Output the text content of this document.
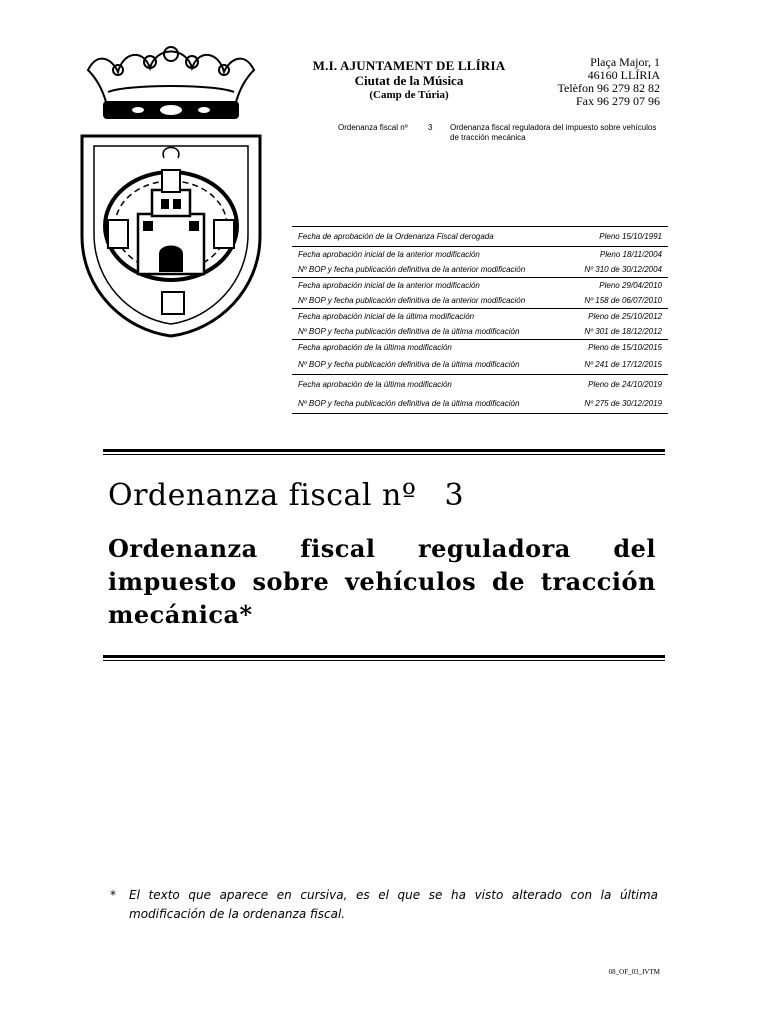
M.I. AJUNTAMENT DE LLÍRIA
Ciutat de la Música
(Camp de Túria)
Plaça Major, 1
46160 LLÍRIA
Telèfon 96 279 82 82
Fax 96 279 07 96
Ordenanza fiscal nº	3 Ordenanza fiscal reguladora del impuesto sobre vehículos de tracción mecánica
Fecha de aprobación de la Ordenanza Fiscal derogada	Pleno 15/10/1991
Fecha aprobación inicial de la anterior modificación	Pleno 18/11/2004
Nº BOP y fecha publicación definitiva de la anterior modificación	Nº 310 de 30/12/2004
Fecha aprobación inicial de la anterior modificación	Pleno 29/04/2010
Nº BOP y fecha publicación definitiva de la anterior modificación	Nº 158 de 06/07/2010
Fecha aprobación inicial de la última modificación	Pleno de 25/10/2012
Nº BOP y fecha publicación definitiva de la última modificación	Nº 301 de 18/12/2012
Fecha aprobación de la última modificación	Pleno de 15/10/2015
Nº BOP y fecha publicación definitiva de la última modificación	Nº 241 de 17/12/2015
Fecha aprobación de la última modificación	Pleno de 24/10/2019
Nº BOP y fecha publicación definitiva de la última modificación	Nº 275 de 30/12/2019
Ordenanza fiscal nº 3
Ordenanza fiscal reguladora del impuesto sobre vehículos de tracción mecánica*
* El texto que aparece en cursiva, es el que se ha visto alterado con la última modificación de la ordenanza fiscal.
08_OF_03_IVTM
